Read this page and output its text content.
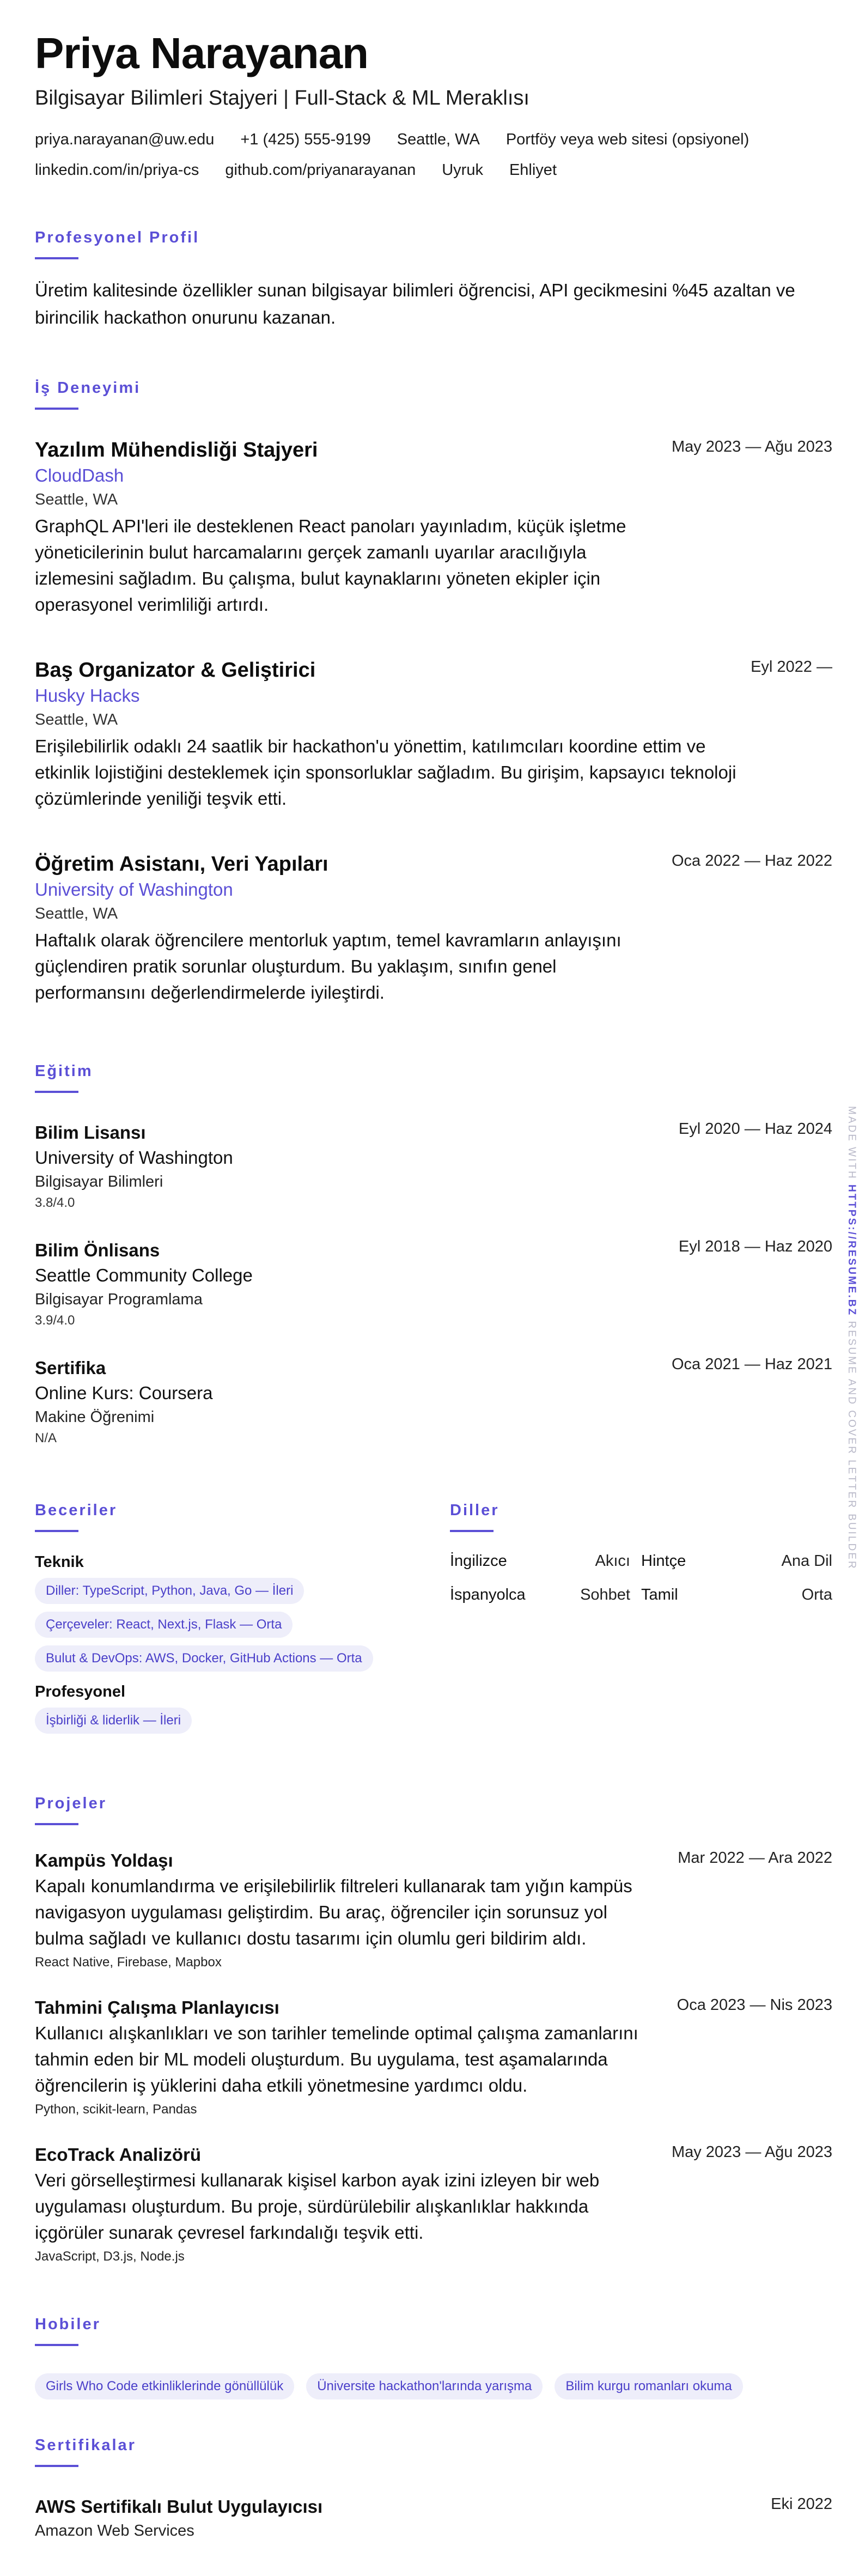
Priya Narayanan
Bilgisayar Bilimleri Stajyeri | Full-Stack & ML Meraklısı
priya.narayanan@uw.edu +1 (425) 555-9199 Seattle, WA Portföy veya web sitesi (opsiyonel)
linkedin.com/in/priya-cs github.com/priyanarayanan Uyruk Ehliyet
Profesyonel Profil
Üretim kalitesinde özellikler sunan bilgisayar bilimleri öğrencisi, API gecikmesini %45 azaltan ve birincilik hackathon onurunu kazanan.
İş Deneyimi
Yazılım Mühendisliği Stajyeri	May 2023 — Ağu 2023
CloudDash
Seattle, WA
GraphQL API'leri ile desteklenen React panoları yayınladım, küçük işletme yöneticilerinin bulut harcamalarını gerçek zamanlı uyarılar aracılığıyla izlemesini sağladım. Bu çalışma, bulut kaynaklarını yöneten ekipler için operasyonel verimliliği artırdı.
Baş Organizator & Geliştirici	Eyl 2022 —
Husky Hacks
Seattle, WA
Erişilebilirlik odaklı 24 saatlik bir hackathon'u yönettim, katılımcıları koordine ettim ve etkinlik lojistiğini desteklemek için sponsorluklar sağladım. Bu girişim, kapsayıcı teknoloji çözümlerinde yeniliği teşvik etti.
Öğretim Asistanı, Veri Yapıları	Oca 2022 — Haz 2022
University of Washington
Seattle, WA
Haftalık olarak öğrencilere mentorluk yaptım, temel kavramların anlayışını güçlendiren pratik sorunlar oluşturdum. Bu yaklaşım, sınıfın genel performansını değerlendirmelerde iyileştirdi.
Eğitim
Bilim Lisansı	Eyl 2020 — Haz 2024
University of Washington
Bilgisayar Bilimleri
3.8/4.0
Bilim Önlisans	Eyl 2018 — Haz 2020
Seattle Community College
Bilgisayar Programlama
3.9/4.0
Sertifika	Oca 2021 — Haz 2021
Online Kurs: Coursera
Makine Öğrenimi
N/A
Beceriler
Teknik
Diller: TypeScript, Python, Java, Go — İleri
Çerçeveler: React, Next.js, Flask — Orta
Bulut & DevOps: AWS, Docker, GitHub Actions — Orta
Profesyonel
İşbirliği & liderlik — İleri
Diller
İngilizce	Akıcı Hintçe	Ana Dil
İspanyolca	Sohbet Tamil	Orta
Projeler
Kampüs Yoldaşı	Mar 2022 — Ara 2022
Kapalı konumlandırma ve erişilebilirlik filtreleri kullanarak tam yığın kampüs navigasyon uygulaması geliştirdim. Bu araç, öğrenciler için sorunsuz yol bulma sağladı ve kullanıcı dostu tasarımı için olumlu geri bildirim aldı.
React Native, Firebase, Mapbox
Tahmini Çalışma Planlayıcısı	Oca 2023 — Nis 2023
Kullanıcı alışkanlıkları ve son tarihler temelinde optimal çalışma zamanlarını tahmin eden bir ML modeli oluşturdum. Bu uygulama, test aşamalarında öğrencilerin iş yüklerini daha etkili yönetmesine yardımcı oldu.
Python, scikit-learn, Pandas
EcoTrack Analizörü	May 2023 — Ağu 2023
Veri görselleştirmesi kullanarak kişisel karbon ayak izini izleyen bir web uygulaması oluşturdum. Bu proje, sürdürülebilir alışkanlıklar hakkında içgörüler sunarak çevresel farkındalığı teşvik etti.
JavaScript, D3.js, Node.js
Hobiler
Girls Who Code etkinliklerinde gönüllülük	Üniversite hackathon'larında yarışma	Bilim kurgu romanları okuma
Sertifikalar
AWS Sertifikalı Bulut Uygulayıcısı	Eki 2022
Amazon Web Services
MADE WITH HTTPS://RESUME.BZ RESUME AND COVER LETTER BUILDER
